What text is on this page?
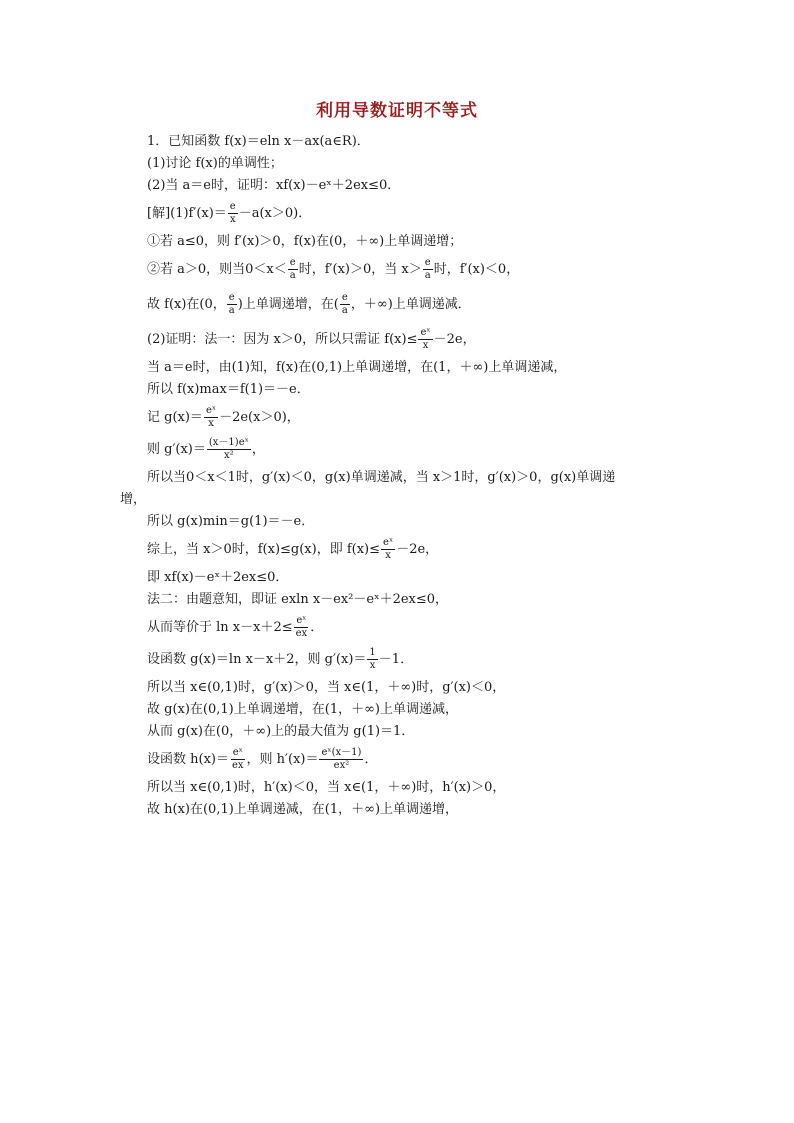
利用导数证明不等式
1．已知函数 f(x)＝eln x－ax(a∈R)．
(1)讨论 f(x)的单调性；
(2)当 a＝e时，证明：xf(x)－eˣ＋2ex≤0．
[解]$(1)f'(x)= \frac{e}{x} -a(x>0)$．
①若 a≤0，则 f′(x)＞0，f(x)在(0，＋∞)上单调递增；
②若 a＞0，则当$0<x< \frac{e}{a}$ 时，f′(x)＞0，当 $x> \frac{e}{a}$ 时，f′(x)＜0，
故 f(x)在(0， $\frac{e}{a}$ )上单调递增，在( $\frac{e}{a}$ ，＋∞)上单调递减．
(2)证明：法一：因为 x＞0，所以只需证 $f(x)\le \frac{\text{eˣ}}{x} -2e$，
当 a＝e时，由(1)知，f(x)在(0,1)上单调递增，在(1，＋∞)上单调递减，
所以 f(x)max＝f(1)＝－e．
记 $g(x)= \frac{\text{eˣ}}{x} -2e(x>0)$，
则 $g'(x)= \frac{\text{(x－1)eˣ}}{\text{x²}}$ ，
所以当0＜x＜1时，g′(x)＜0，g(x)单调递减，当 x＞1时，g′(x)＞0，g(x)单调递
增，
所以 g(x)min＝g(1)＝－e．
综上，当 x＞0时，f(x)≤g(x)，即 $f(x)\le \frac{\text{eˣ}}{x} -2e$，
即 xf(x)－eˣ＋2ex≤0．
法二：由题意知，即证 exln x－ex²－eˣ＋2ex≤0，
从而等价于 $\ln x-x+2\le \frac{\text{eˣ}}{ex}$ ．
设函数 g(x)＝ln x－x＋2，则 $g'(x)= \frac{1}{x} -1$．
所以当 x∈(0,1)时，g′(x)＞0，当 x∈(1，＋∞)时，g′(x)＜0，
故 g(x)在(0,1)上单调递增，在(1，＋∞)上单调递减，
从而 g(x)在(0，＋∞)上的最大值为 g(1)＝1．
设函数 $h(x)= \frac{\text{eˣ}}{ex}$ ，则 $h'(x)= \frac{\text{eˣ(x－1)}}{\text{ex²}}$ ．
所以当 x∈(0,1)时，h′(x)＜0，当 x∈(1，＋∞)时，h′(x)＞0，
故 h(x)在(0,1)上单调递减，在(1，＋∞)上单调递增，
